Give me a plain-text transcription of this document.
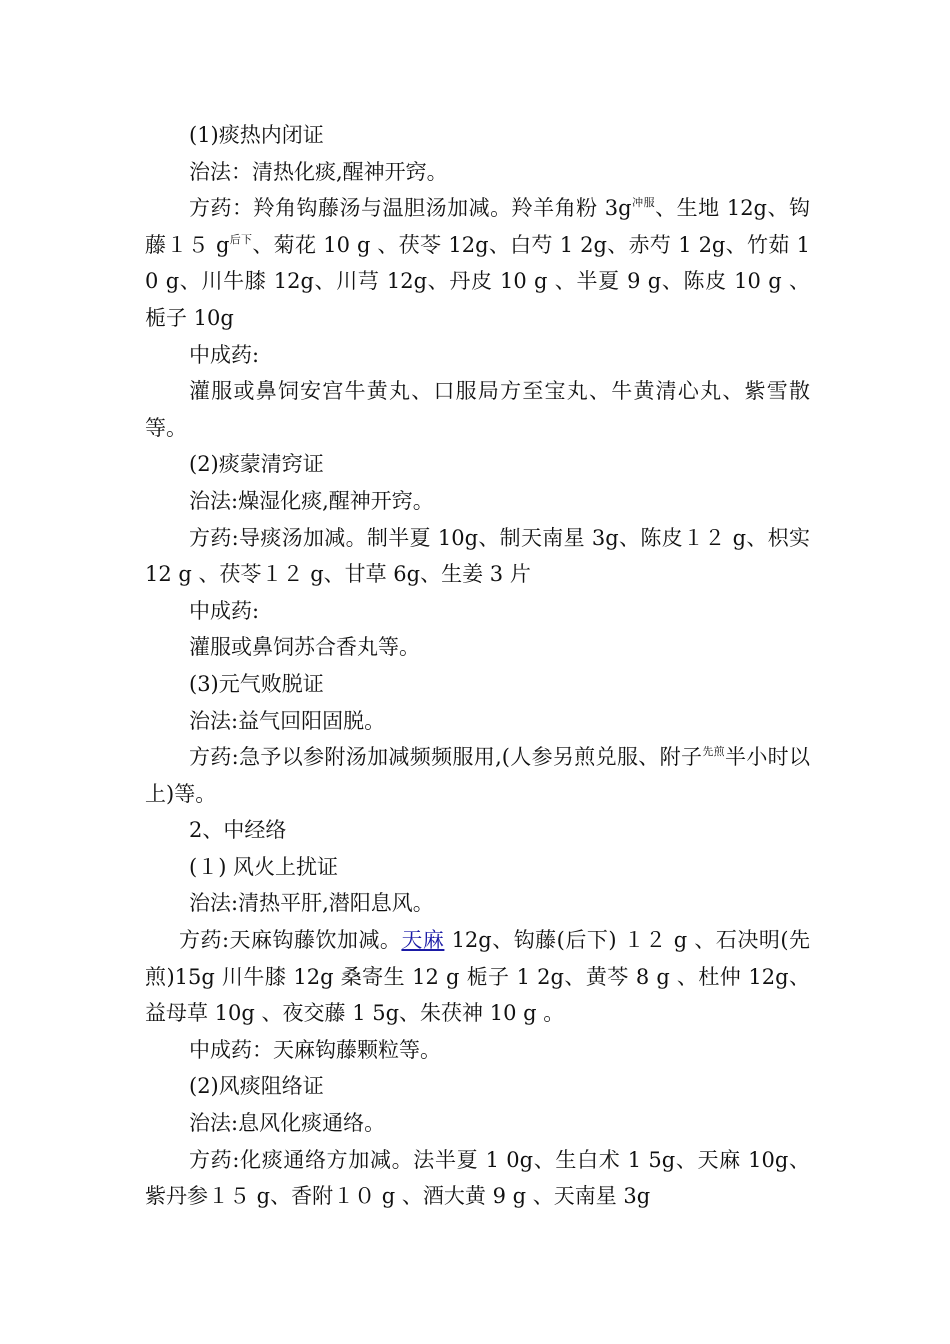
(1)痰热内闭证

治法：清热化痰,醒神开窍。

方药：羚角钩藤汤与温胆汤加减。羚羊角粉 $3g^{冲服}$、生地 12g、钩藤１５ $g^{后下}$、菊花 10 g 、茯苓 12g、白芍 1 2g、赤芍 1 2g、竹茹 1 0 g、川牛膝 12g、川芎 12g、丹皮 10 g 、半夏 9 g、陈皮 10 g 、栀子 10g

中成药:

灌服或鼻饲安宫牛黄丸、口服局方至宝丸、牛黄清心丸、紫雪散等。

(2)痰蒙清窍证

治法:燥湿化痰,醒神开窍。

方药:导痰汤加减。制半夏 10g、制天南星 3g、陈皮１２ g、枳实 12 g 、茯苓１２ g、甘草 6g、生姜 3 片

中成药:

灌服或鼻饲苏合香丸等。

(3)元气败脱证

治法:益气回阳固脱。

方药:急予以参附汤加减频频服用,(人参另煎兑服、附子$^{先煎}$半小时以上)等。

2、中经络

(１) 风火上扰证

治法:清热平肝,潜阳息风。

方药:天麻钩藤饮加减。天麻 12g、钩藤(后下) １２ g 、石决明(先煎)15g 川牛膝 12g 桑寄生 12 g 栀子 1 2g、黄芩 8 g 、杜仲 12g、益母草 10g 、夜交藤 1 5g、朱茯神 10 g 。

中成药：天麻钩藤颗粒等。

(2)风痰阻络证

治法:息风化痰通络。

方药:化痰通络方加减。法半夏 1 0g、生白术 1 5g、天麻 10g、紫丹参１５ g、香附１０ g 、酒大黄 9 g 、天南星 3g
